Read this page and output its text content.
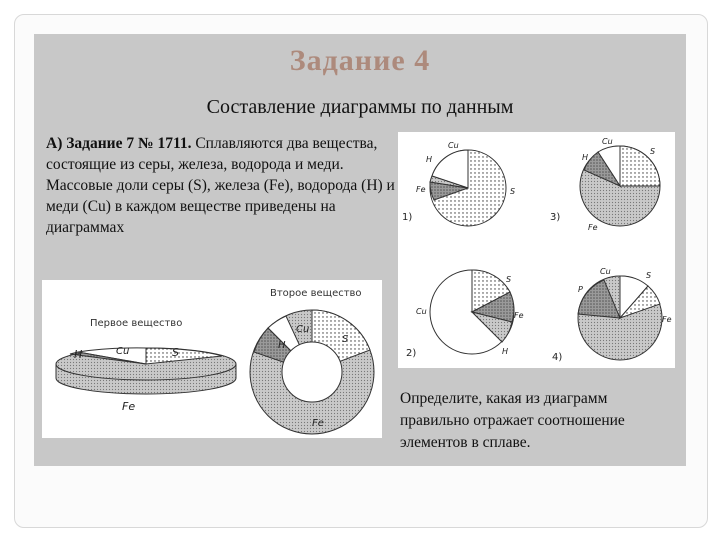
Задание 4
Составление диаграммы по данным
А) Задание 7 № 1711. Сплавляются два вещества, состоящие из серы, железа, водорода и меди. Массовые доли серы (S), железа (Fe), водорода (H) и меди (Cu) в каждом веществе приведены на диаграммах
Первое вещество
H	Cu	S
Fe
Второе вещество
Cu
S
H
Fe
1)
Cu
H
Fe	S
3)
Cu
H
S
Fe
2)
S
Cu	Fe
H
4)
Cu	S
P
Fe
Определите, какая из диаграмм правильно отражает соотношение элементов в сплаве.
